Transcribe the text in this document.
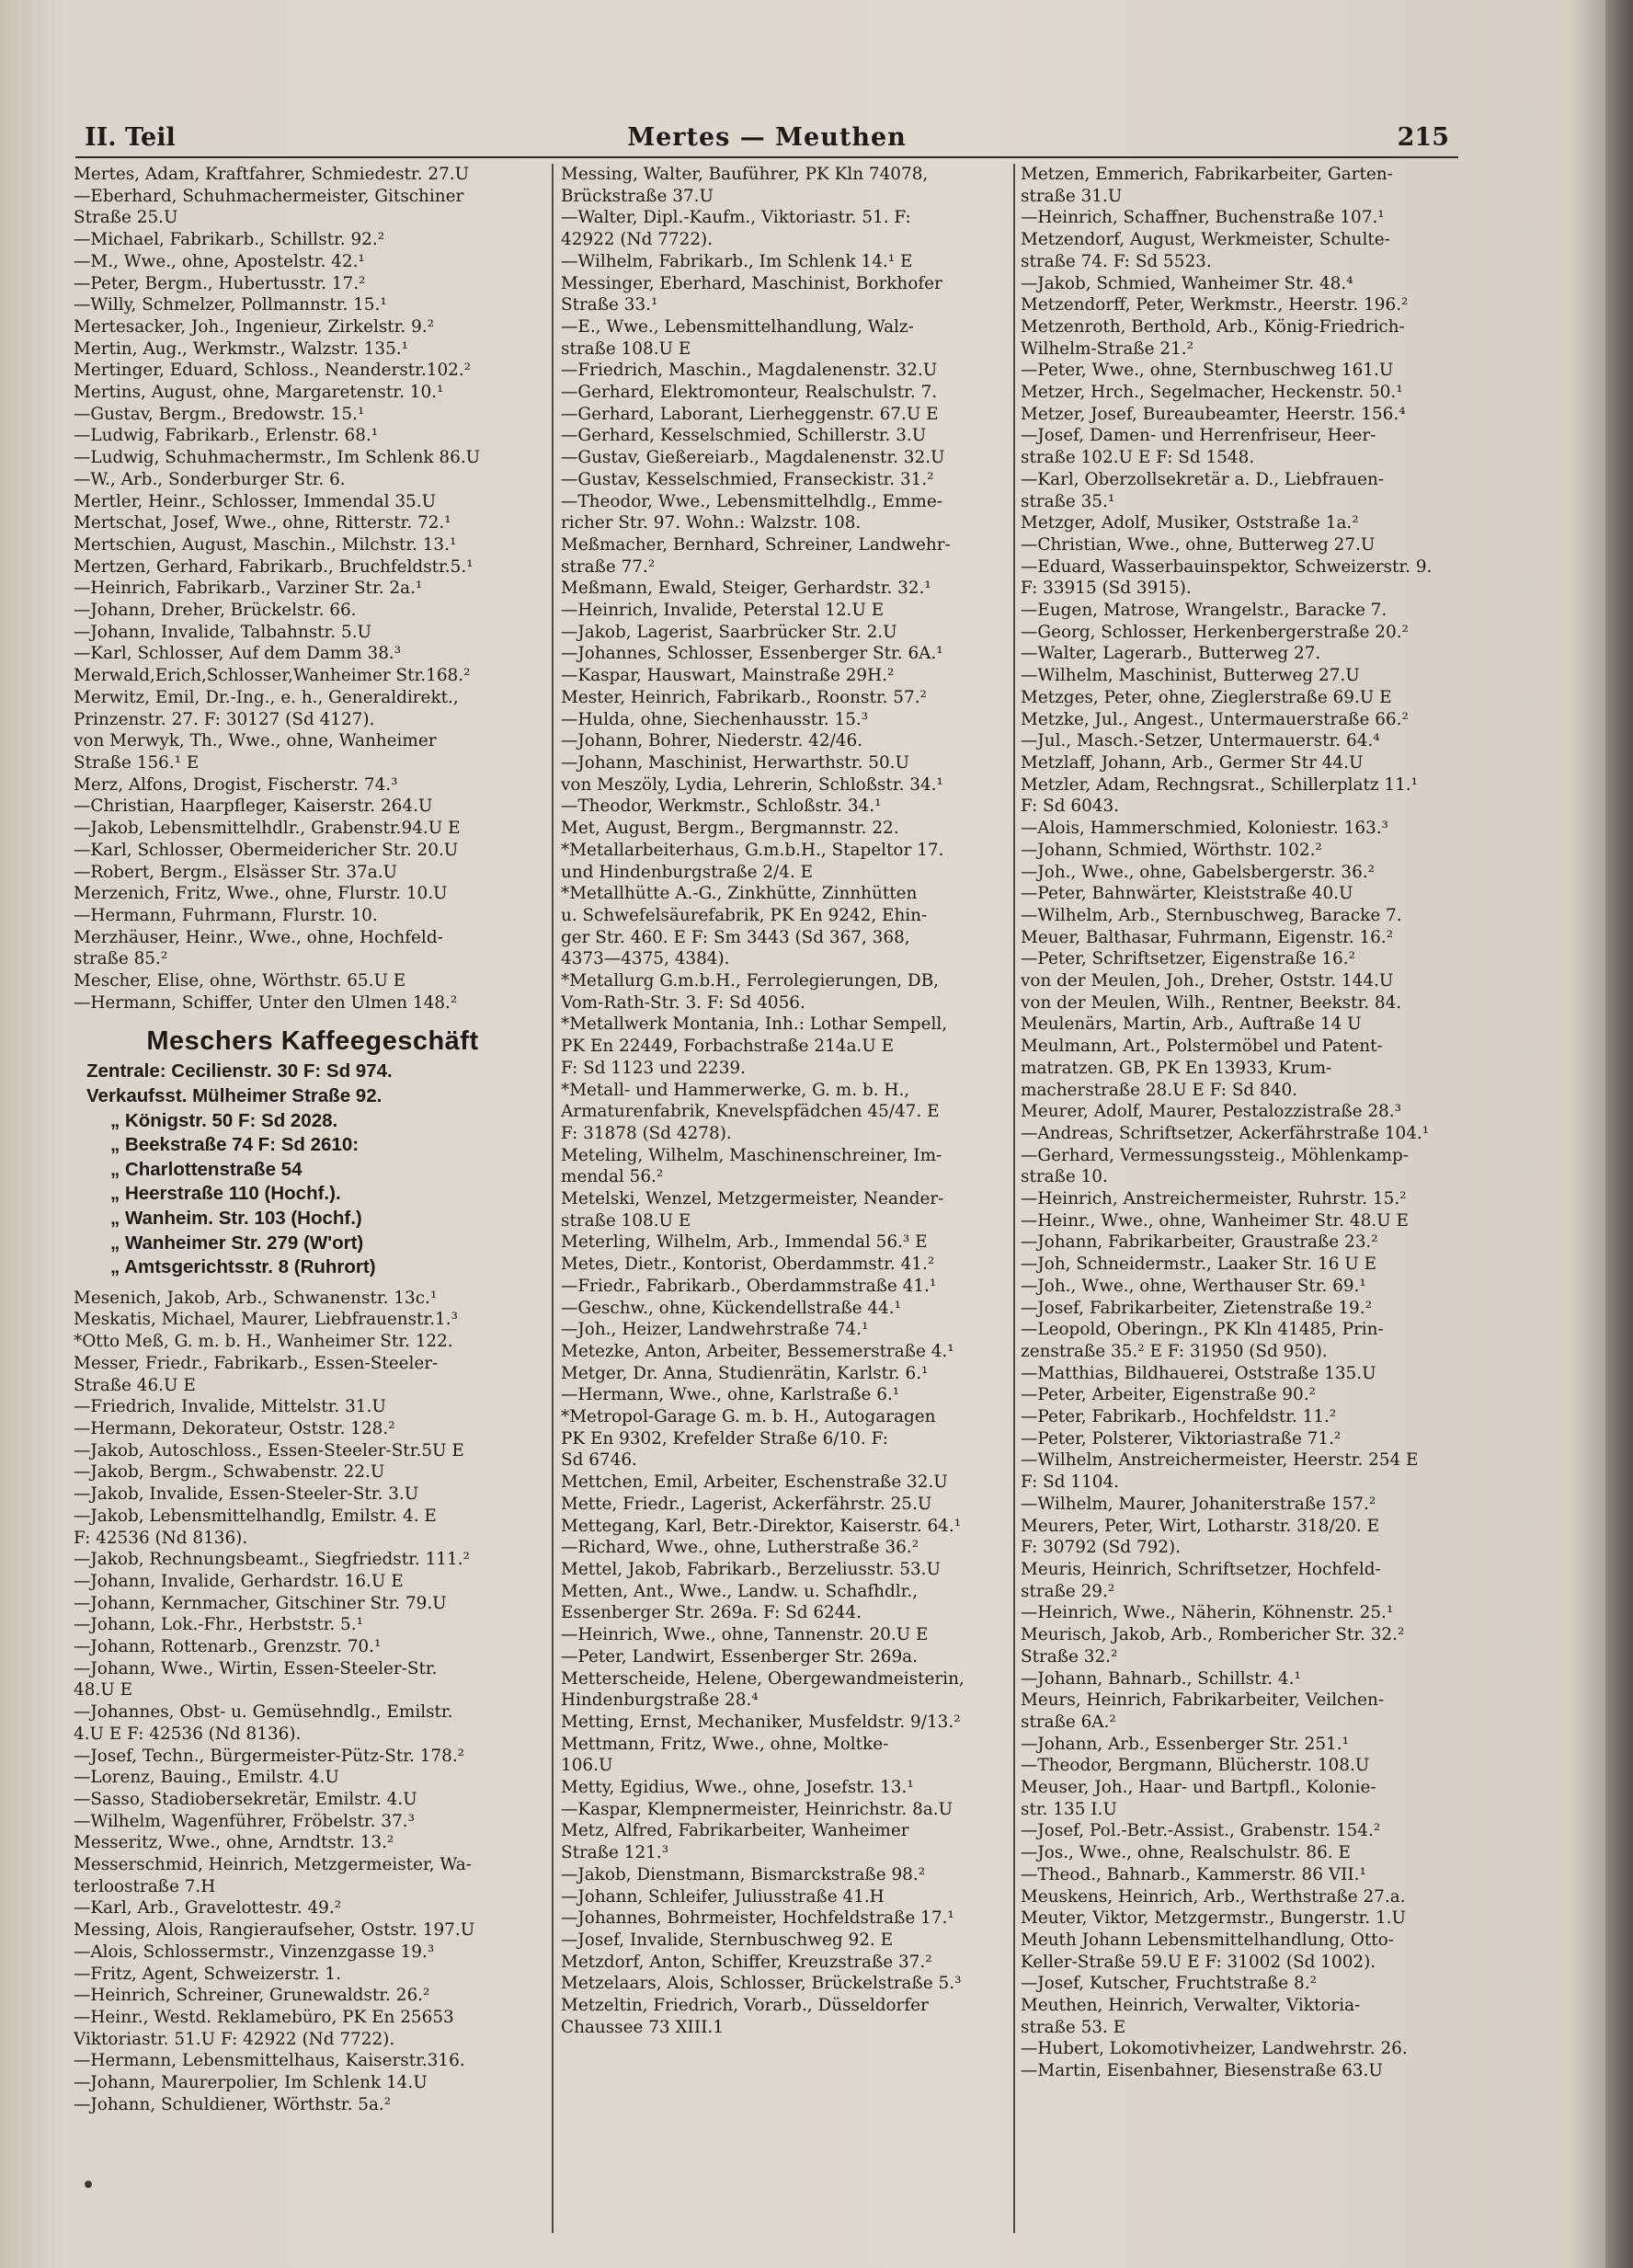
II. Teil	Mertes — Meuthen	215
Mertes, Adam, Kraftfahrer, Schmiedestr. 27.U
—Eberhard, Schuhmachermeister, Gitschiner
Straße 25.U
—Michael, Fabrikarb., Schillstr. 92.²
—M., Wwe., ohne, Apostelstr. 42.¹
—Peter, Bergm., Hubertusstr. 17.²
—Willy, Schmelzer, Pollmannstr. 15.¹
Mertesacker, Joh., Ingenieur, Zirkelstr. 9.²
Mertin, Aug., Werkmstr., Walzstr. 135.¹
Mertinger, Eduard, Schloss., Neanderstr.102.²
Mertins, August, ohne, Margaretenstr. 10.¹
—Gustav, Bergm., Bredowstr. 15.¹
—Ludwig, Fabrikarb., Erlenstr. 68.¹
—Ludwig, Schuhmachermstr., Im Schlenk 86.U
—W., Arb., Sonderburger Str. 6.
Mertler, Heinr., Schlosser, Immendal 35.U
Mertschat, Josef, Wwe., ohne, Ritterstr. 72.¹
Mertschien, August, Maschin., Milchstr. 13.¹
Mertzen, Gerhard, Fabrikarb., Bruchfeldstr.5.¹
—Heinrich, Fabrikarb., Varziner Str. 2a.¹
—Johann, Dreher, Brückelstr. 66.
—Johann, Invalide, Talbahnstr. 5.U
—Karl, Schlosser, Auf dem Damm 38.³
Merwald,Erich,Schlosser,Wanheimer Str.168.²
Merwitz, Emil, Dr.-Ing., e. h., Generaldirekt.,
Prinzenstr. 27. F: 30127 (Sd 4127).
von Merwyk, Th., Wwe., ohne, Wanheimer
Straße 156.¹ E
Merz, Alfons, Drogist, Fischerstr. 74.³
—Christian, Haarpfleger, Kaiserstr. 264.U
—Jakob, Lebensmittelhdlr., Grabenstr.94.U E
—Karl, Schlosser, Obermeidericher Str. 20.U
—Robert, Bergm., Elsässer Str. 37a.U
Merzenich, Fritz, Wwe., ohne, Flurstr. 10.U
—Hermann, Fuhrmann, Flurstr. 10.
Merzhäuser, Heinr., Wwe., ohne, Hochfeld-
straße 85.²
Mescher, Elise, ohne, Wörthstr. 65.U E
—Hermann, Schiffer, Unter den Ulmen 148.²
Meschers Kaffeegeschäft
Zentrale: Cecilienstr. 30 F: Sd 974.
Verkaufsst. Mülheimer Straße 92.
„ Königstr. 50 F: Sd 2028.
„ Beekstraße 74 F: Sd 2610:
„ Charlottenstraße 54
„ Heerstraße 110 (Hochf.).
„ Wanheim. Str. 103 (Hochf.)
„ Wanheimer Str. 279 (W'ort)
„ Amtsgerichtsstr. 8 (Ruhrort)
Mesenich, Jakob, Arb., Schwanenstr. 13c.¹
Meskatis, Michael, Maurer, Liebfrauenstr.1.³
*Otto Meß, G. m. b. H., Wanheimer Str. 122.
Messer, Friedr., Fabrikarb., Essen-Steeler-
Straße 46.U E
—Friedrich, Invalide, Mittelstr. 31.U
—Hermann, Dekorateur, Oststr. 128.²
—Jakob, Autoschloss., Essen-Steeler-Str.5U E
—Jakob, Bergm., Schwabenstr. 22.U
—Jakob, Invalide, Essen-Steeler-Str. 3.U
—Jakob, Lebensmittelhandlg, Emilstr. 4. E
F: 42536 (Nd 8136).
—Jakob, Rechnungsbeamt., Siegfriedstr. 111.²
—Johann, Invalide, Gerhardstr. 16.U E
—Johann, Kernmacher, Gitschiner Str. 79.U
—Johann, Lok.-Fhr., Herbststr. 5.¹
—Johann, Rottenarb., Grenzstr. 70.¹
—Johann, Wwe., Wirtin, Essen-Steeler-Str.
48.U E
—Johannes, Obst- u. Gemüsehndlg., Emilstr.
4.U E F: 42536 (Nd 8136).
—Josef, Techn., Bürgermeister-Pütz-Str. 178.²
—Lorenz, Bauing., Emilstr. 4.U
—Sasso, Stadiobersekretär, Emilstr. 4.U
—Wilhelm, Wagenführer, Fröbelstr. 37.³
Messeritz, Wwe., ohne, Arndtstr. 13.²
Messerschmid, Heinrich, Metzgermeister, Wa-
terloostraße 7.H
—Karl, Arb., Gravelottestr. 49.²
Messing, Alois, Rangieraufseher, Oststr. 197.U
—Alois, Schlossermstr., Vinzenzgasse 19.³
—Fritz, Agent, Schweizerstr. 1.
—Heinrich, Schreiner, Grunewaldstr. 26.²
—Heinr., Westd. Reklamebüro, PK En 25653
Viktoriastr. 51.U F: 42922 (Nd 7722).
—Hermann, Lebensmittelhaus, Kaiserstr.316.
—Johann, Maurerpolier, Im Schlenk 14.U
—Johann, Schuldiener, Wörthstr. 5a.²
Messing, Walter, Bauführer, PK Kln 74078,
Brückstraße 37.U
—Walter, Dipl.-Kaufm., Viktoriastr. 51. F:
42922 (Nd 7722).
—Wilhelm, Fabrikarb., Im Schlenk 14.¹ E
Messinger, Eberhard, Maschinist, Borkhofer
Straße 33.¹
—E., Wwe., Lebensmittelhandlung, Walz-
straße 108.U E
—Friedrich, Maschin., Magdalenenstr. 32.U
—Gerhard, Elektromonteur, Realschulstr. 7.
—Gerhard, Laborant, Lierheggenstr. 67.U E
—Gerhard, Kesselschmied, Schillerstr. 3.U
—Gustav, Gießereiarb., Magdalenenstr. 32.U
—Gustav, Kesselschmied, Franseckistr. 31.²
—Theodor, Wwe., Lebensmittelhdlg., Emme-
richer Str. 97. Wohn.: Walzstr. 108.
Meßmacher, Bernhard, Schreiner, Landwehr-
straße 77.²
Meßmann, Ewald, Steiger, Gerhardstr. 32.¹
—Heinrich, Invalide, Peterstal 12.U E
—Jakob, Lagerist, Saarbrücker Str. 2.U
—Johannes, Schlosser, Essenberger Str. 6A.¹
—Kaspar, Hauswart, Mainstraße 29H.²
Mester, Heinrich, Fabrikarb., Roonstr. 57.²
—Hulda, ohne, Siechenhausstr. 15.³
—Johann, Bohrer, Niederstr. 42/46.
—Johann, Maschinist, Herwarthstr. 50.U
von Meszöly, Lydia, Lehrerin, Schloßstr. 34.¹
—Theodor, Werkmstr., Schloßstr. 34.¹
Met, August, Bergm., Bergmannstr. 22.
*Metallarbeiterhaus, G.m.b.H., Stapeltor 17.
und Hindenburgstraße 2/4. E
*Metallhütte A.-G., Zinkhütte, Zinnhütten
u. Schwefelsäurefabrik, PK En 9242, Ehin-
ger Str. 460. E F: Sm 3443 (Sd 367, 368,
4373—4375, 4384).
*Metallurg G.m.b.H., Ferrolegierungen, DB,
Vom-Rath-Str. 3. F: Sd 4056.
*Metallwerk Montania, Inh.: Lothar Sempell,
PK En 22449, Forbachstraße 214a.U E
F: Sd 1123 und 2239.
*Metall- und Hammerwerke, G. m. b. H.,
Armaturenfabrik, Knevelspfädchen 45/47. E
F: 31878 (Sd 4278).
Meteling, Wilhelm, Maschinenschreiner, Im-
mendal 56.²
Metelski, Wenzel, Metzgermeister, Neander-
straße 108.U E
Meterling, Wilhelm, Arb., Immendal 56.³ E
Metes, Dietr., Kontorist, Oberdammstr. 41.²
—Friedr., Fabrikarb., Oberdammstraße 41.¹
—Geschw., ohne, Kückendellstraße 44.¹
—Joh., Heizer, Landwehrstraße 74.¹
Metezke, Anton, Arbeiter, Bessemerstraße 4.¹
Metger, Dr. Anna, Studienrätin, Karlstr. 6.¹
—Hermann, Wwe., ohne, Karlstraße 6.¹
*Metropol-Garage G. m. b. H., Autogaragen
PK En 9302, Krefelder Straße 6/10. F:
Sd 6746.
Mettchen, Emil, Arbeiter, Eschenstraße 32.U
Mette, Friedr., Lagerist, Ackerfährstr. 25.U
Mettegang, Karl, Betr.-Direktor, Kaiserstr. 64.¹
—Richard, Wwe., ohne, Lutherstraße 36.²
Mettel, Jakob, Fabrikarb., Berzeliusstr. 53.U
Metten, Ant., Wwe., Landw. u. Schafhdlr.,
Essenberger Str. 269a. F: Sd 6244.
—Heinrich, Wwe., ohne, Tannenstr. 20.U E
—Peter, Landwirt, Essenberger Str. 269a.
Metterscheide, Helene, Obergewandmeisterin,
Hindenburgstraße 28.⁴
Metting, Ernst, Mechaniker, Musfeldstr. 9/13.²
Mettmann, Fritz, Wwe., ohne, Moltke-
106.U
Metty, Egidius, Wwe., ohne, Josefstr. 13.¹
—Kaspar, Klempnermeister, Heinrichstr. 8a.U
Metz, Alfred, Fabrikarbeiter, Wanheimer
Straße 121.³
—Jakob, Dienstmann, Bismarckstraße 98.²
—Johann, Schleifer, Juliusstraße 41.H
—Johannes, Bohrmeister, Hochfeldstraße 17.¹
—Josef, Invalide, Sternbuschweg 92. E
Metzdorf, Anton, Schiffer, Kreuzstraße 37.²
Metzelaars, Alois, Schlosser, Brückelstraße 5.³
Metzeltin, Friedrich, Vorarb., Düsseldorfer
Chaussee 73 XIII.1
Metzen, Emmerich, Fabrikarbeiter, Garten-
straße 31.U
—Heinrich, Schaffner, Buchenstraße 107.¹
Metzendorf, August, Werkmeister, Schulte-
straße 74. F: Sd 5523.
—Jakob, Schmied, Wanheimer Str. 48.⁴
Metzendorff, Peter, Werkmstr., Heerstr. 196.²
Metzenroth, Berthold, Arb., König-Friedrich-
Wilhelm-Straße 21.²
—Peter, Wwe., ohne, Sternbuschweg 161.U
Metzer, Hrch., Segelmacher, Heckenstr. 50.¹
Metzer, Josef, Bureaubeamter, Heerstr. 156.⁴
—Josef, Damen- und Herrenfriseur, Heer-
straße 102.U E F: Sd 1548.
—Karl, Oberzollsekretär a. D., Liebfrauen-
straße 35.¹
Metzger, Adolf, Musiker, Oststraße 1a.²
—Christian, Wwe., ohne, Butterweg 27.U
—Eduard, Wasserbauinspektor, Schweizerstr. 9.
F: 33915 (Sd 3915).
—Eugen, Matrose, Wrangelstr., Baracke 7.
—Georg, Schlosser, Herkenbergerstraße 20.²
—Walter, Lagerarb., Butterweg 27.
—Wilhelm, Maschinist, Butterweg 27.U
Metzges, Peter, ohne, Zieglerstraße 69.U E
Metzke, Jul., Angest., Untermauerstraße 66.²
—Jul., Masch.-Setzer, Untermauerstr. 64.⁴
Metzlaff, Johann, Arb., Germer Str 44.U
Metzler, Adam, Rechngsrat., Schillerplatz 11.¹
F: Sd 6043.
—Alois, Hammerschmied, Koloniestr. 163.³
—Johann, Schmied, Wörthstr. 102.²
—Joh., Wwe., ohne, Gabelsbergerstr. 36.²
—Peter, Bahnwärter, Kleiststraße 40.U
—Wilhelm, Arb., Sternbuschweg, Baracke 7.
Meuer, Balthasar, Fuhrmann, Eigenstr. 16.²
—Peter, Schriftsetzer, Eigenstraße 16.²
von der Meulen, Joh., Dreher, Oststr. 144.U
von der Meulen, Wilh., Rentner, Beekstr. 84.
Meulenärs, Martin, Arb., Auftraße 14 U
Meulmann, Art., Polstermöbel und Patent-
matratzen. GB, PK En 13933, Krum-
macherstraße 28.U E F: Sd 840.
Meurer, Adolf, Maurer, Pestalozzistraße 28.³
—Andreas, Schriftsetzer, Ackerfährstraße 104.¹
—Gerhard, Vermessungssteig., Möhlenkamp-
straße 10.
—Heinrich, Anstreichermeister, Ruhrstr. 15.²
—Heinr., Wwe., ohne, Wanheimer Str. 48.U E
—Johann, Fabrikarbeiter, Graustraße 23.²
—Joh, Schneidermstr., Laaker Str. 16 U E
—Joh., Wwe., ohne, Werthauser Str. 69.¹
—Josef, Fabrikarbeiter, Zietenstraße 19.²
—Leopold, Oberingn., PK Kln 41485, Prin-
zenstraße 35.² E F: 31950 (Sd 950).
—Matthias, Bildhauerei, Oststraße 135.U
—Peter, Arbeiter, Eigenstraße 90.²
—Peter, Fabrikarb., Hochfeldstr. 11.²
—Peter, Polsterer, Viktoriastraße 71.²
—Wilhelm, Anstreichermeister, Heerstr. 254 E
F: Sd 1104.
—Wilhelm, Maurer, Johaniterstraße 157.²
Meurers, Peter, Wirt, Lotharstr. 318/20. E
F: 30792 (Sd 792).
Meuris, Heinrich, Schriftsetzer, Hochfeld-
straße 29.²
—Heinrich, Wwe., Näherin, Köhnenstr. 25.¹
Meurisch, Jakob, Arb., Rombericher Str. 32.²
Straße 32.²
—Johann, Bahnarb., Schillstr. 4.¹
Meurs, Heinrich, Fabrikarbeiter, Veilchen-
straße 6A.²
—Johann, Arb., Essenberger Str. 251.¹
—Theodor, Bergmann, Blücherstr. 108.U
Meuser, Joh., Haar- und Bartpfl., Kolonie-
str. 135 I.U
—Josef, Pol.-Betr.-Assist., Grabenstr. 154.²
—Jos., Wwe., ohne, Realschulstr. 86. E
—Theod., Bahnarb., Kammerstr. 86 VII.¹
Meuskens, Heinrich, Arb., Werthstraße 27.a.
Meuter, Viktor, Metzgermstr., Bungerstr. 1.U
Meuth Johann Lebensmittelhandlung, Otto-
Keller-Straße 59.U E F: 31002 (Sd 1002).
—Josef, Kutscher, Fruchtstraße 8.²
Meuthen, Heinrich, Verwalter, Viktoria-
straße 53. E
—Hubert, Lokomotivheizer, Landwehrstr. 26.
—Martin, Eisenbahner, Biesenstraße 63.U
